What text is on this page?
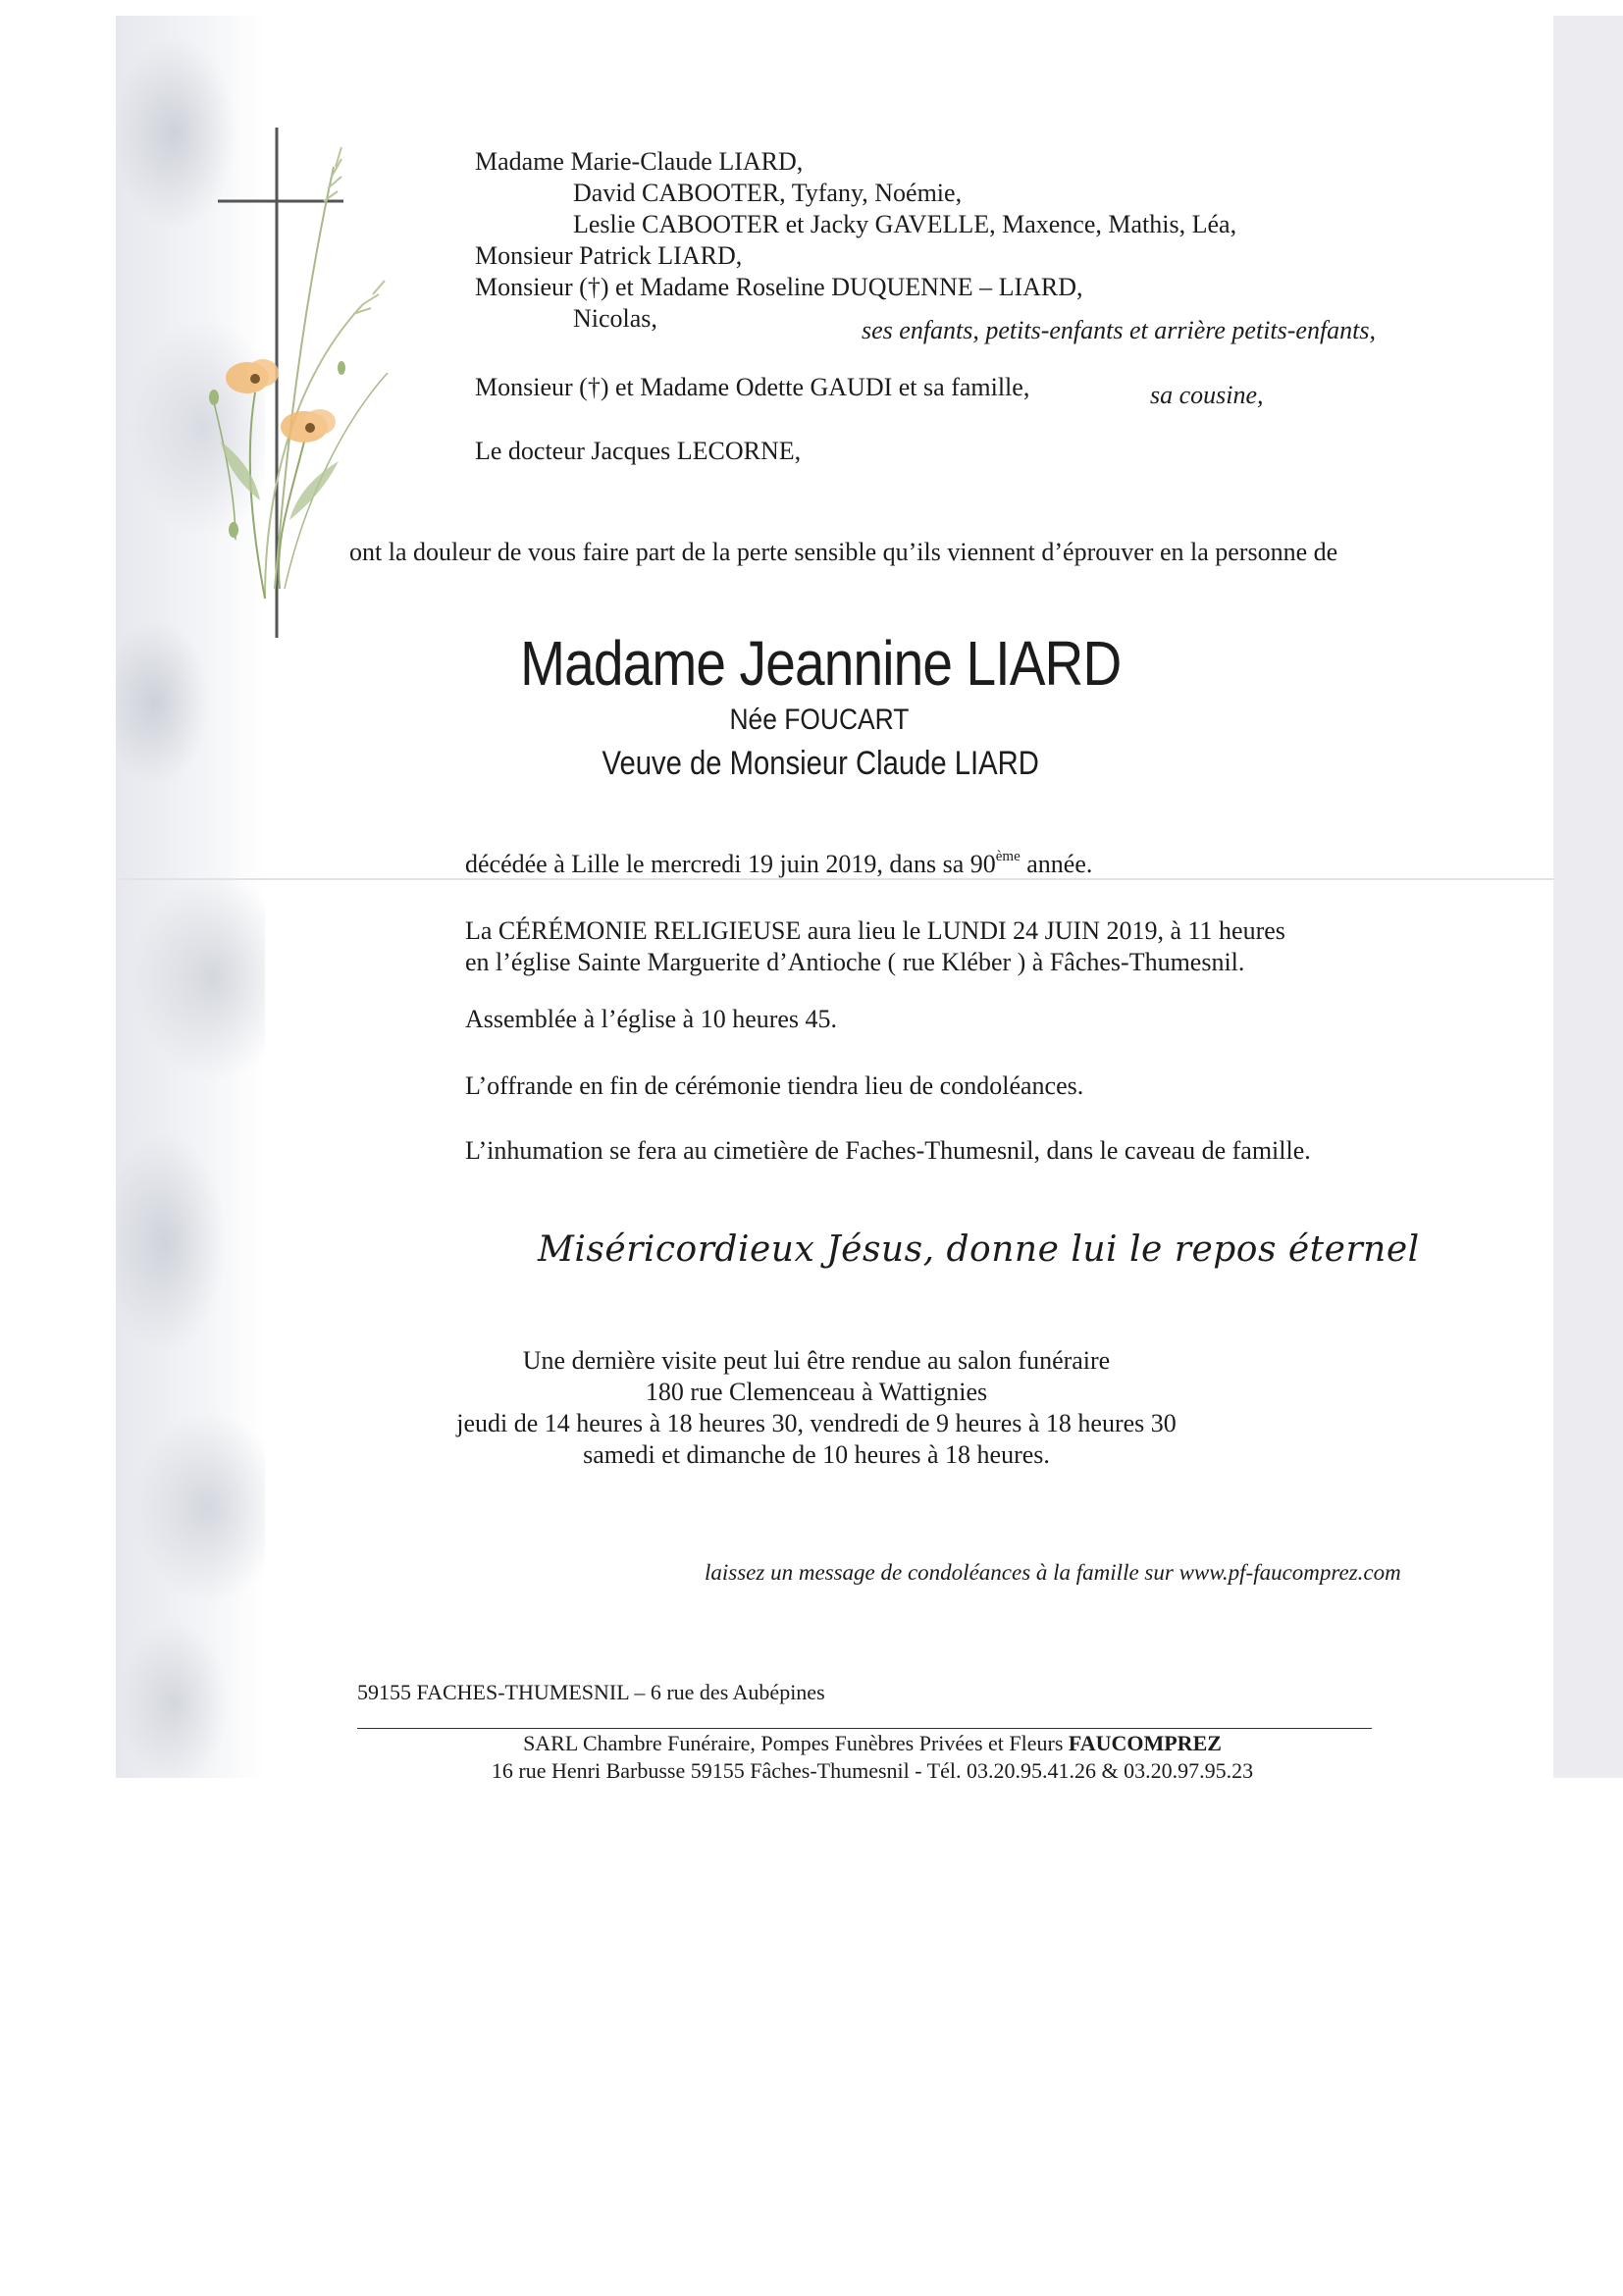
Madame Marie-Claude LIARD,
David CABOOTER, Tyfany, Noémie,
Leslie CABOOTER et Jacky GAVELLE, Maxence, Mathis, Léa,
Monsieur Patrick LIARD,
Monsieur (†) et Madame Roseline DUQUENNE – LIARD,
Nicolas,	ses enfants, petits-enfants et arrière petits-enfants,
Monsieur (†) et Madame Odette GAUDI et sa famille,	sa cousine,
Le docteur Jacques LECORNE,
ont la douleur de vous faire part de la perte sensible qu’ils viennent d’éprouver en la personne de
Madame Jeannine LIARD
Née FOUCART
Veuve de Monsieur Claude LIARD
décédée à Lille le mercredi 19 juin 2019, dans sa 90ème année.
La CÉRÉMONIE RELIGIEUSE aura lieu le LUNDI 24 JUIN 2019, à 11 heures
en l’église Sainte Marguerite d’Antioche ( rue Kléber ) à Fâches-Thumesnil.
Assemblée à l’église à 10 heures 45.
L’offrande en fin de cérémonie tiendra lieu de condoléances.
L’inhumation se fera au cimetière de Faches-Thumesnil, dans le caveau de famille.
Miséricordieux Jésus, donne lui le repos éternel
Une dernière visite peut lui être rendue au salon funéraire
180 rue Clemenceau à Wattignies
jeudi de 14 heures à 18 heures 30, vendredi de 9 heures à 18 heures 30
samedi et dimanche de 10 heures à 18 heures.
laissez un message de condoléances à la famille sur www.pf-faucomprez.com
59155 FACHES-THUMESNIL – 6 rue des Aubépines
SARL Chambre Funéraire, Pompes Funèbres Privées et Fleurs FAUCOMPREZ
16 rue Henri Barbusse 59155 Fâches-Thumesnil - Tél. 03.20.95.41.26 & 03.20.97.95.23
